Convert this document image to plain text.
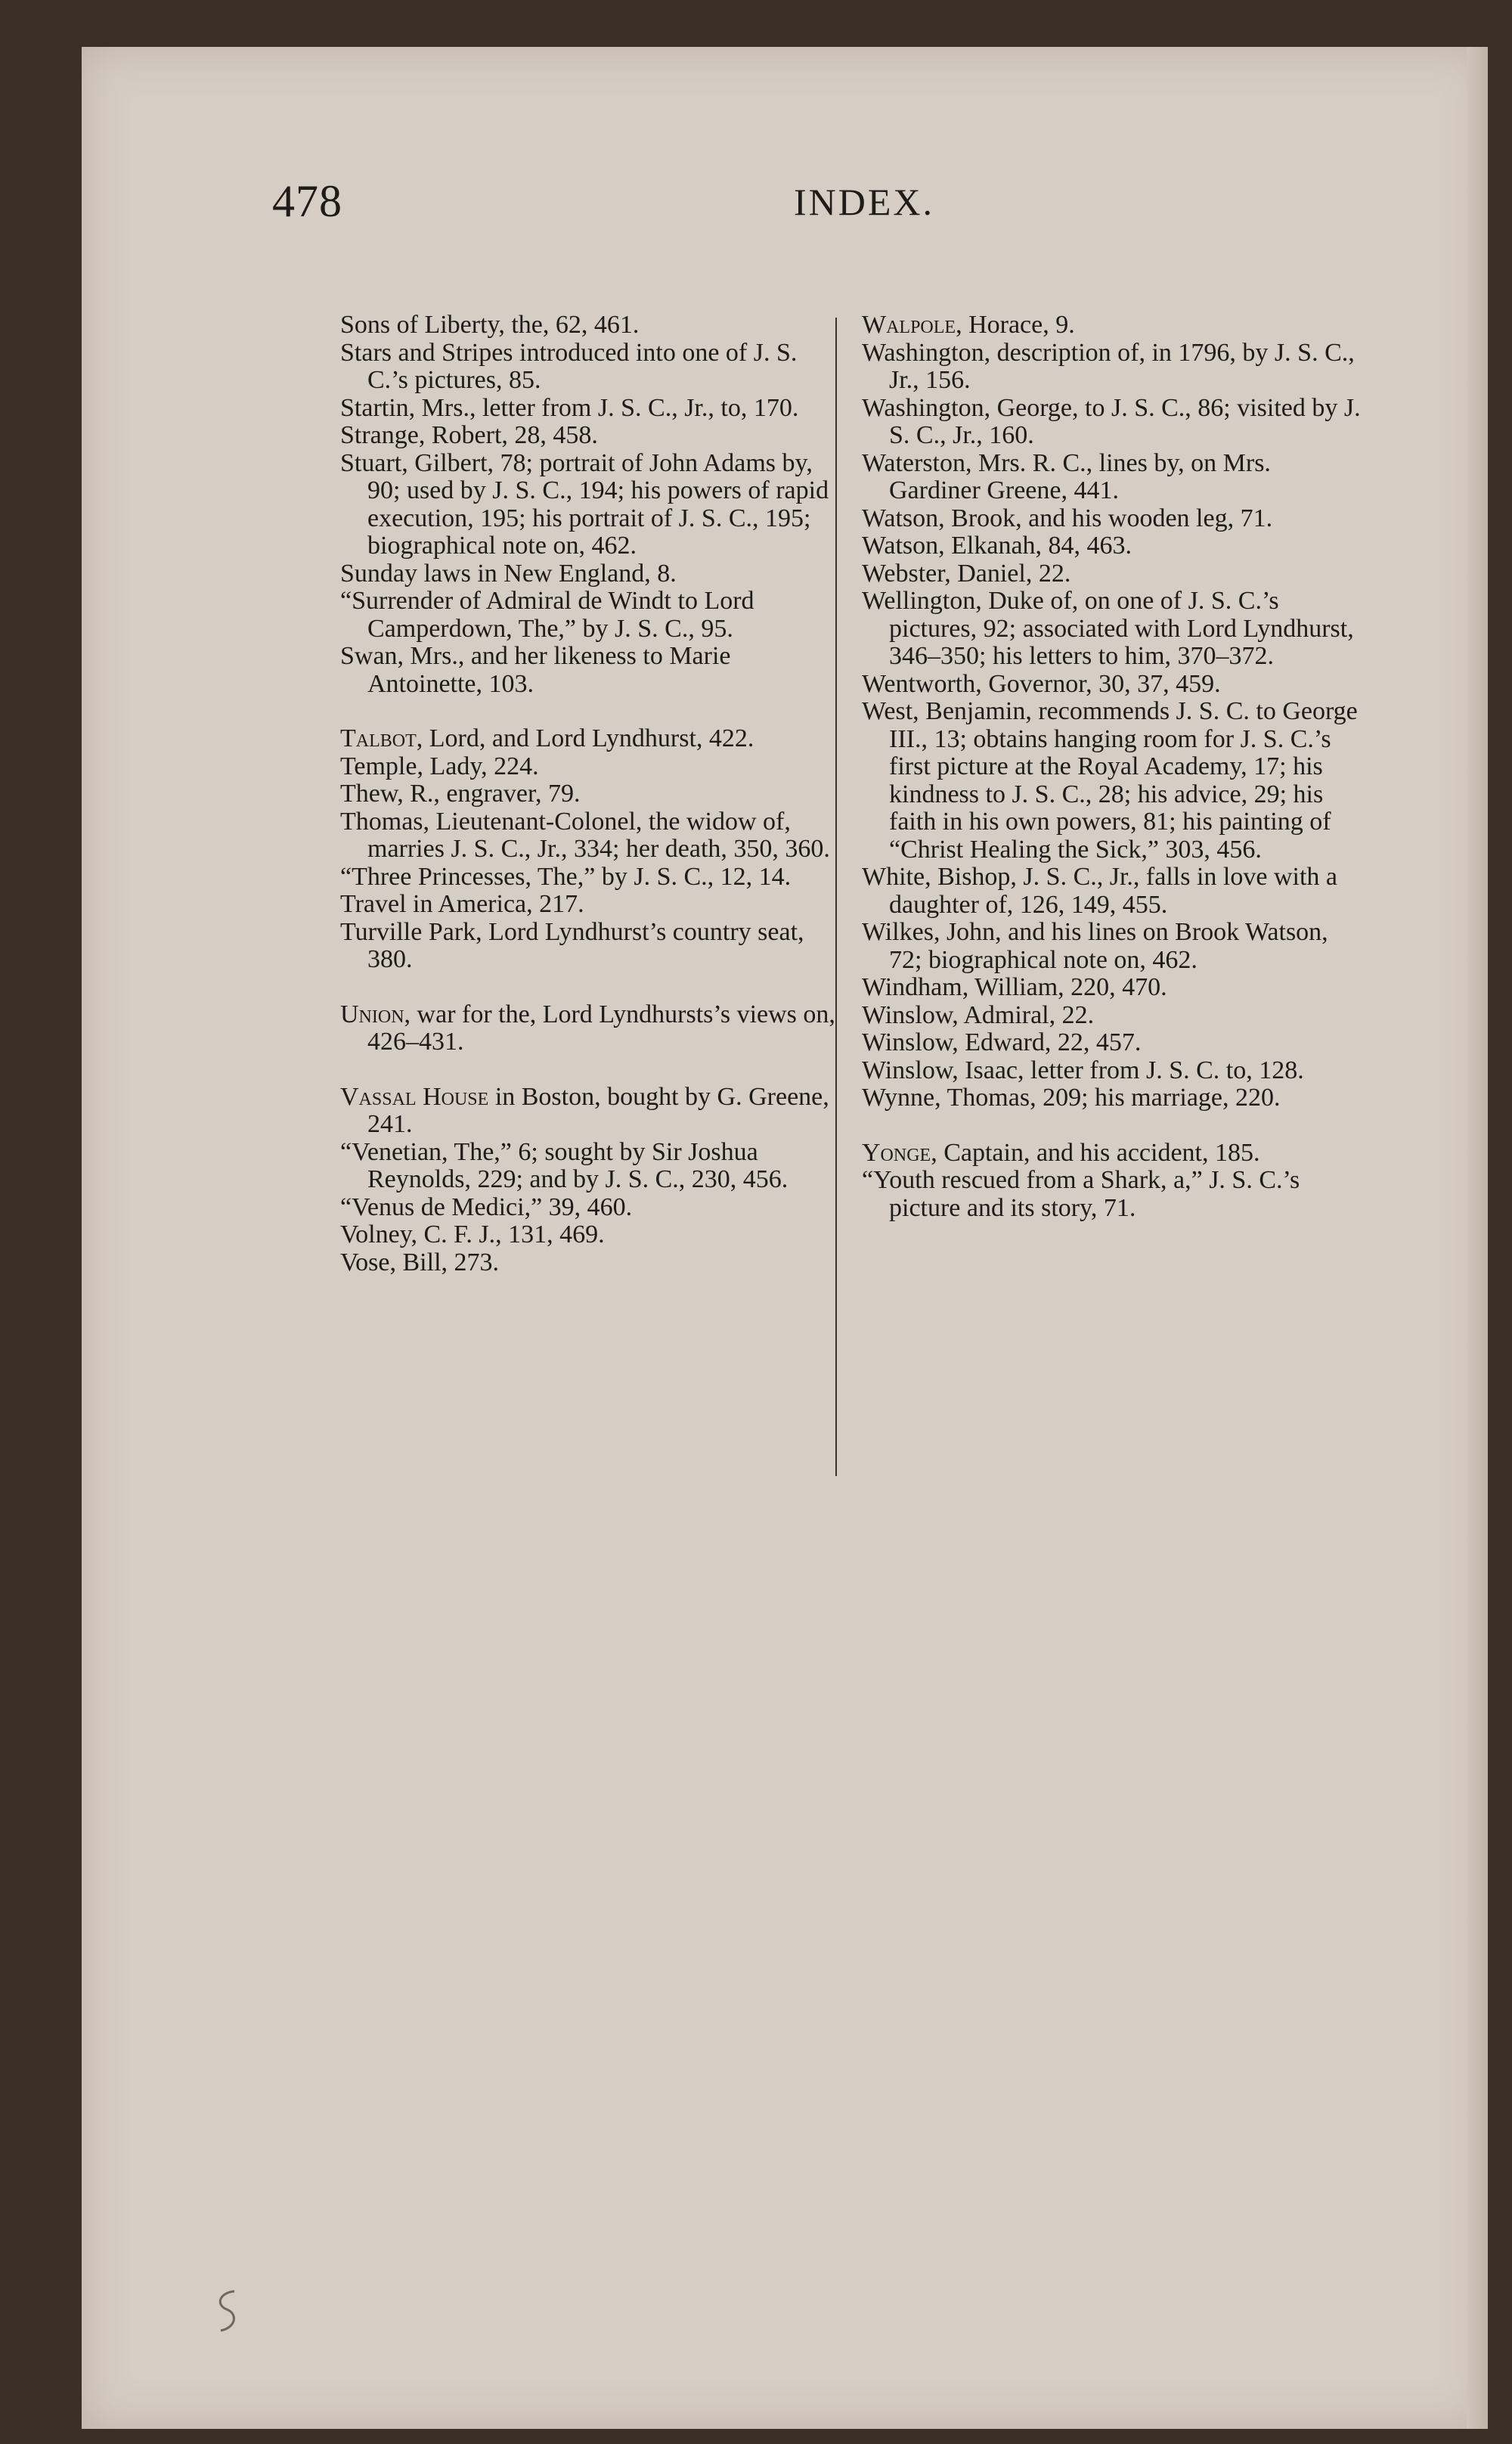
478	INDEX.

Sons of Liberty, the, 62, 461.

Stars and Stripes introduced into one of J. S. C.’s pictures, 85.

Startin, Mrs., letter from J. S. C., Jr., to, 170.

Strange, Robert, 28, 458.

Stuart, Gilbert, 78; portrait of John Adams by, 90; used by J. S. C., 194; his powers of rapid execution, 195; his portrait of J. S. C., 195; biographical note on, 462.

Sunday laws in New England, 8.

“Surrender of Admiral de Windt to Lord Camperdown, The,” by J. S. C., 95.

Swan, Mrs., and her likeness to Marie Antoinette, 103.

Talbot, Lord, and Lord Lyndhurst, 422.

Temple, Lady, 224.

Thew, R., engraver, 79.

Thomas, Lieutenant-Colonel, the widow of, marries J. S. C., Jr., 334; her death, 350, 360.

“Three Princesses, The,” by J. S. C., 12, 14.

Travel in America, 217.

Turville Park, Lord Lyndhurst’s country seat, 380.

Union, war for the, Lord Lyndhursts’s views on, 426–431.

Vassal House in Boston, bought by G. Greene, 241.

“Venetian, The,” 6; sought by Sir Joshua Reynolds, 229; and by J. S. C., 230, 456.

“Venus de Medici,” 39, 460.

Volney, C. F. J., 131, 469.

Vose, Bill, 273.

Walpole, Horace, 9.

Washington, description of, in 1796, by J. S. C., Jr., 156.

Washington, George, to J. S. C., 86; visited by J. S. C., Jr., 160.

Waterston, Mrs. R. C., lines by, on Mrs. Gardiner Greene, 441.

Watson, Brook, and his wooden leg, 71.

Watson, Elkanah, 84, 463.

Webster, Daniel, 22.

Wellington, Duke of, on one of J. S. C.’s pictures, 92; associated with Lord Lyndhurst, 346–350; his letters to him, 370–372.

Wentworth, Governor, 30, 37, 459.

West, Benjamin, recommends J. S. C. to George III., 13; obtains hanging room for J. S. C.’s first picture at the Royal Academy, 17; his kindness to J. S. C., 28; his advice, 29; his faith in his own powers, 81; his painting of “Christ Healing the Sick,” 303, 456.

White, Bishop, J. S. C., Jr., falls in love with a daughter of, 126, 149, 455.

Wilkes, John, and his lines on Brook Watson, 72; biographical note on, 462.

Windham, William, 220, 470.

Winslow, Admiral, 22.

Winslow, Edward, 22, 457.

Winslow, Isaac, letter from J. S. C. to, 128.

Wynne, Thomas, 209; his marriage, 220.

Yonge, Captain, and his accident, 185.

“Youth rescued from a Shark, a,” J. S. C.’s picture and its story, 71.
